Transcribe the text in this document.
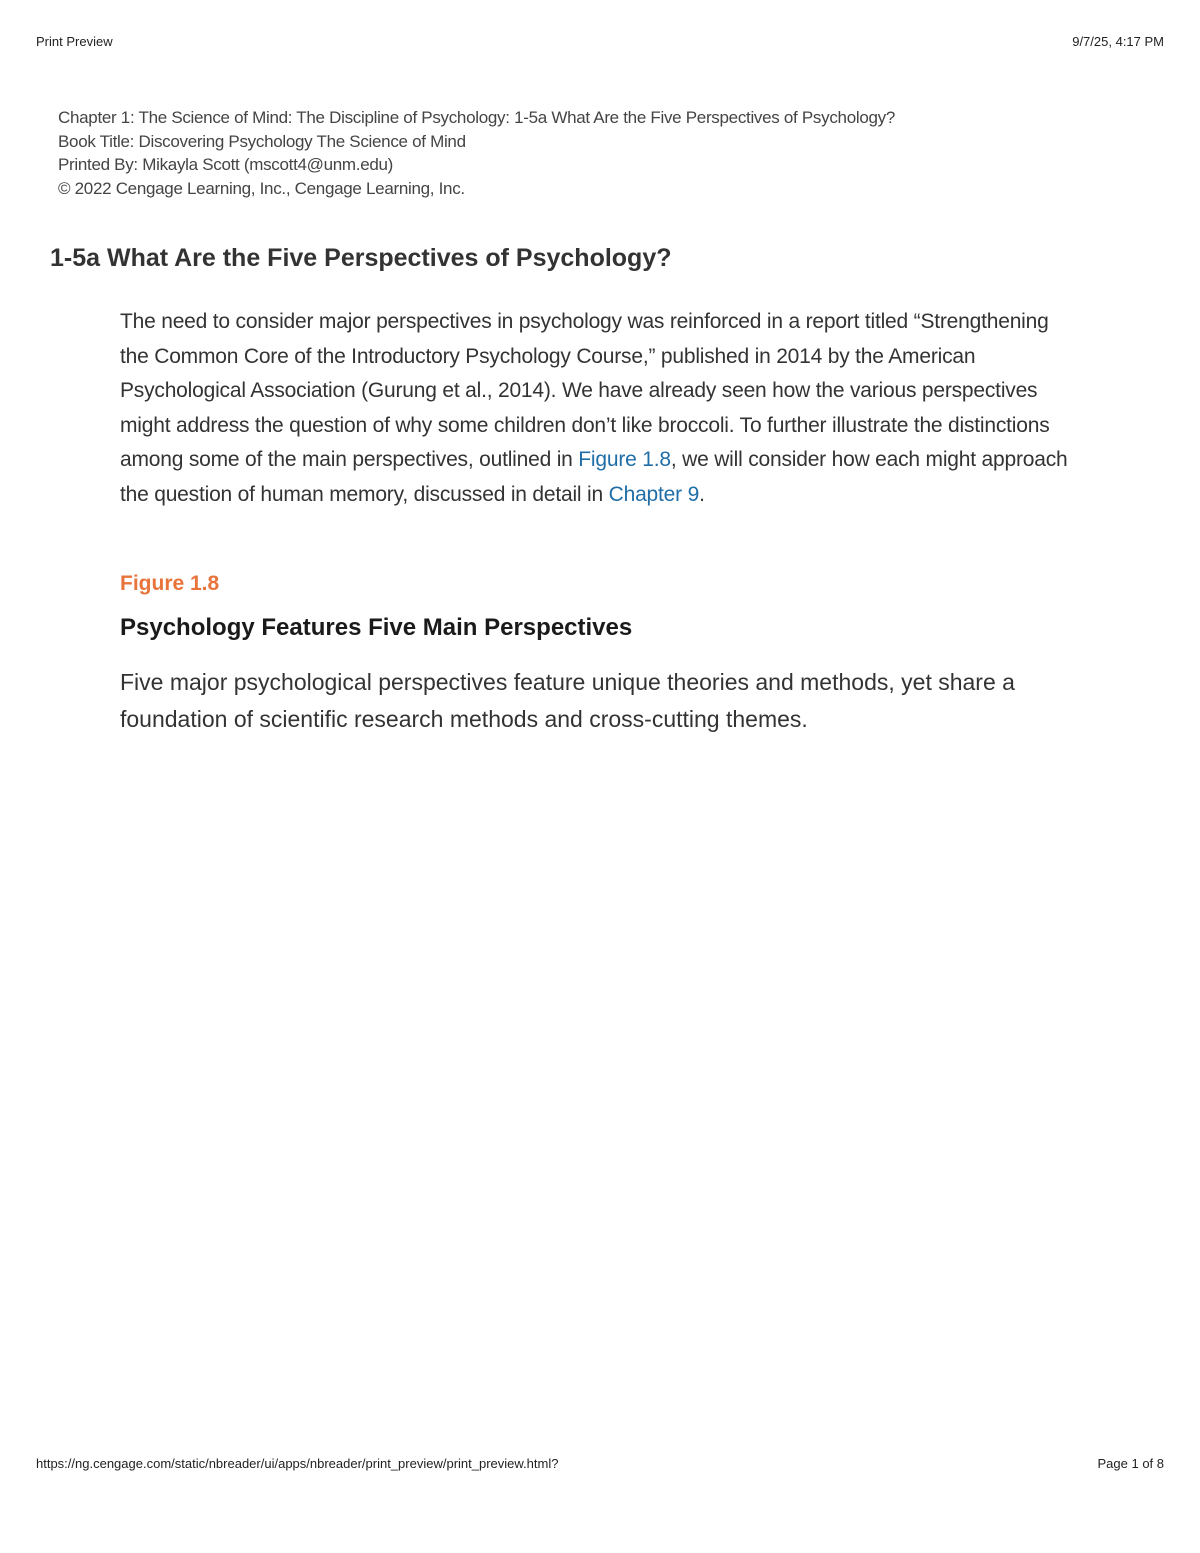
Print Preview	9/7/25, 4:17 PM
Chapter 1: The Science of Mind: The Discipline of Psychology: 1-5a What Are the Five Perspectives of Psychology?
Book Title: Discovering Psychology The Science of Mind
Printed By: Mikayla Scott (mscott4@unm.edu)
© 2022 Cengage Learning, Inc., Cengage Learning, Inc.
1-5a What Are the Five Perspectives of Psychology?

The need to consider major perspectives in psychology was reinforced in a report titled “Strengthening the Common Core of the Introductory Psychology Course,” published in 2014 by the American Psychological Association (Gurung et al., 2014). We have already seen how the various perspectives might address the question of why some children don’t like broccoli. To further illustrate the distinctions among some of the main perspectives, outlined in Figure 1.8, we will consider how each might approach the question of human memory, discussed in detail in Chapter 9.

Figure 1.8
Psychology Features Five Main Perspectives

Five major psychological perspectives feature unique theories and methods, yet share a foundation of scientific research methods and cross-cutting themes.

https://ng.cengage.com/static/nbreader/ui/apps/nbreader/print_preview/print_preview.html?	Page 1 of 8
